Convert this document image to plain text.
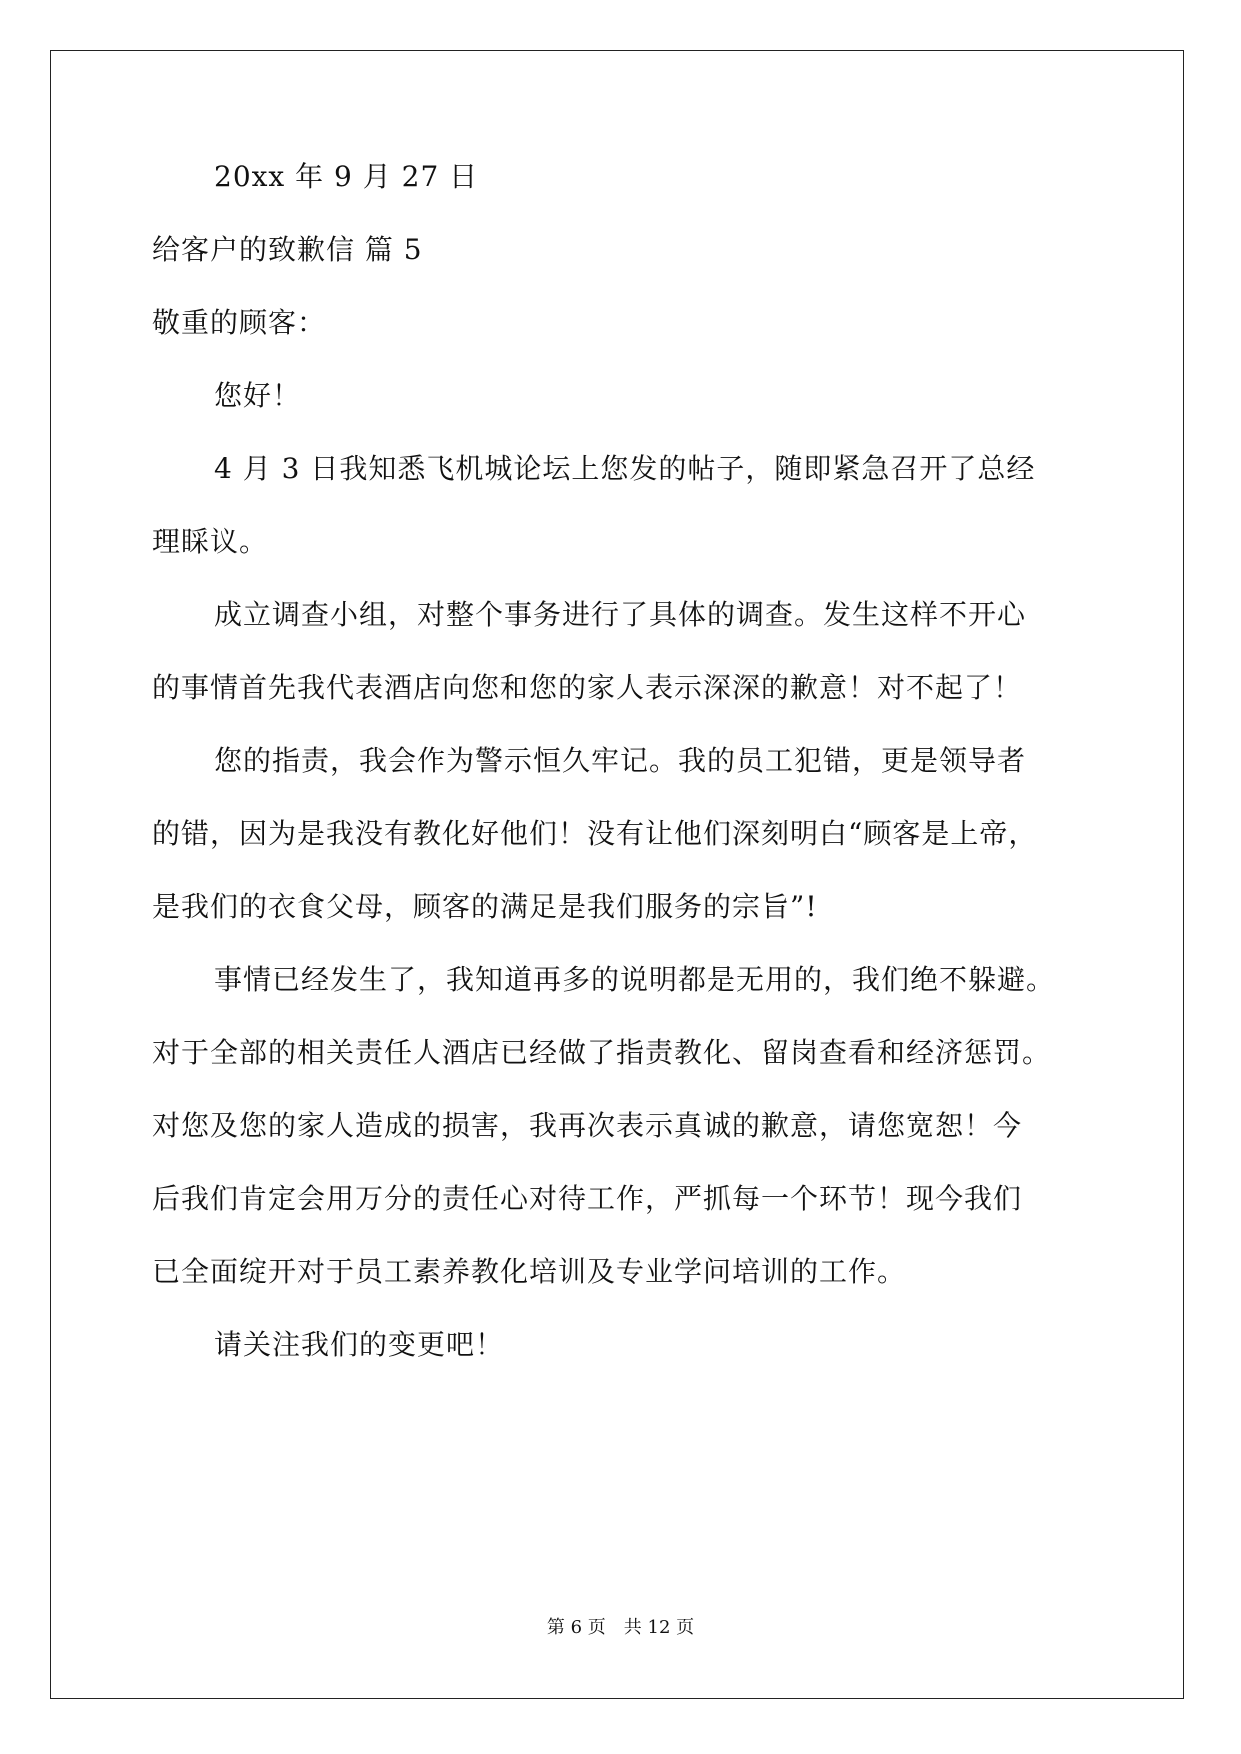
20xx 年 9 月 27 日
给客户的致歉信 篇 5
敬重的顾客：
您好！
4 月 3 日我知悉飞机城论坛上您发的帖子，随即紧急召开了总经
理睬议。
成立调查小组，对整个事务进行了具体的调查。发生这样不开心
的事情首先我代表酒店向您和您的家人表示深深的歉意！对不起了！
您的指责，我会作为警示恒久牢记。我的员工犯错，更是领导者
的错，因为是我没有教化好他们！没有让他们深刻明白“顾客是上帝，
是我们的衣食父母，顾客的满足是我们服务的宗旨”!
事情已经发生了，我知道再多的说明都是无用的，我们绝不躲避。
对于全部的相关责任人酒店已经做了指责教化、留岗查看和经济惩罚。
对您及您的家人造成的损害，我再次表示真诚的歉意，请您宽恕！今
后我们肯定会用万分的责任心对待工作，严抓每一个环节！现今我们
已全面绽开对于员工素养教化培训及专业学问培训的工作。
请关注我们的变更吧！
第 6 页 共 12 页
